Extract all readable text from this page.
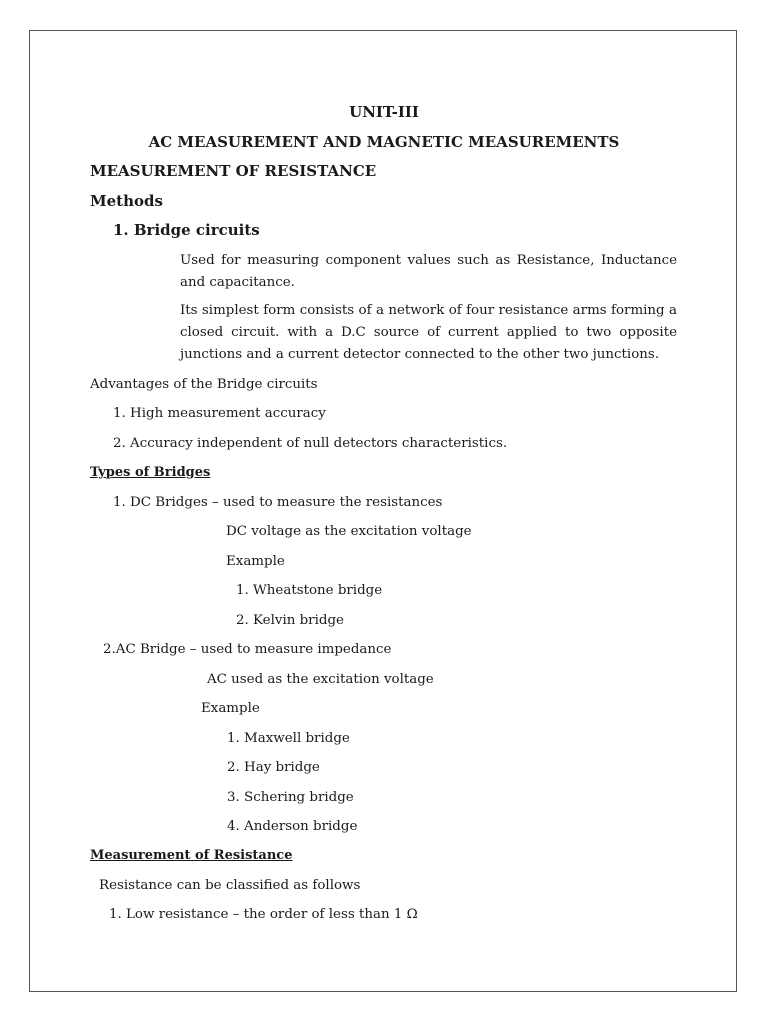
UNIT-III
AC MEASUREMENT AND MAGNETIC MEASUREMENTS
MEASUREMENT OF RESISTANCE
Methods
1. Bridge circuits
Used for measuring component values such as Resistance, Inductance and capacitance.
Its simplest form consists of a network of four resistance arms forming a closed circuit. with a D.C source of current applied to two opposite junctions and a current detector connected to the other two junctions.
Advantages of the Bridge circuits
1. High measurement accuracy
2. Accuracy independent of null detectors characteristics.
Types of Bridges
1. DC Bridges – used to measure the resistances
DC voltage as the excitation voltage
Example
1. Wheatstone bridge
2. Kelvin bridge
2.AC Bridge – used to measure impedance
AC used as the excitation voltage
Example
1. Maxwell bridge
2. Hay bridge
3. Schering bridge
4. Anderson bridge
Measurement of Resistance
Resistance can be classified as follows
1. Low resistance – the order of less than 1 Ω
